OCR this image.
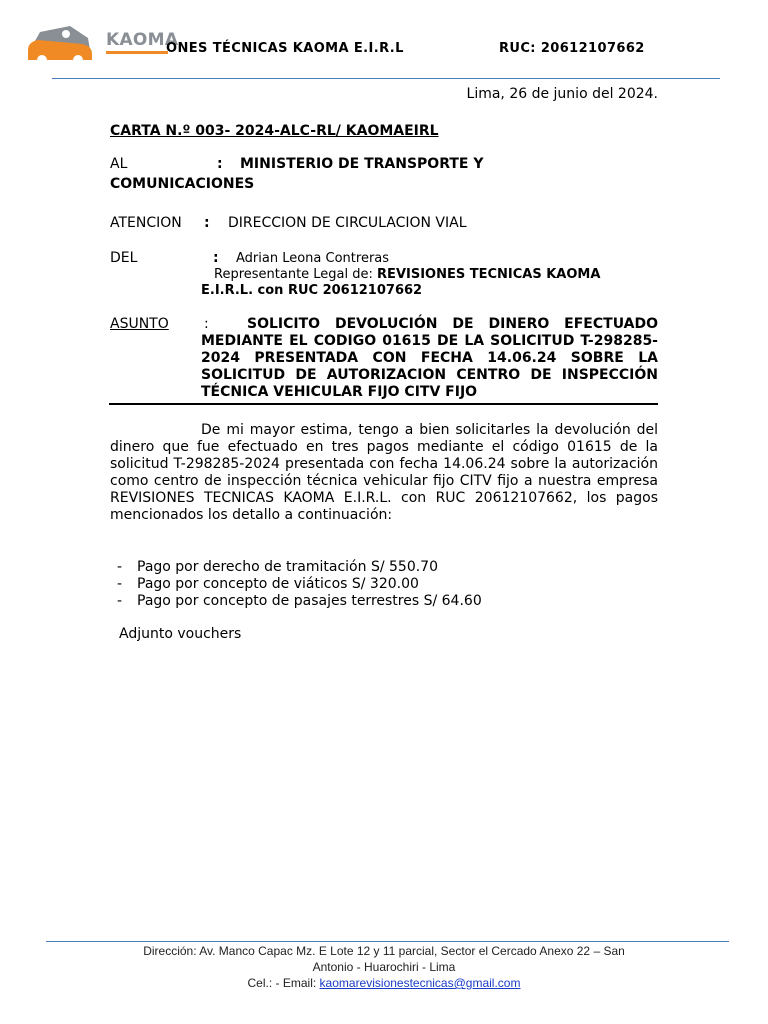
KAOMA
ONES TÉCNICAS KAOMA E.I.R.L	RUC: 20612107662
Lima, 26 de junio del 2024.
CARTA N.º 003- 2024-ALC-RL/ KAOMAEIRL
AL	: MINISTERIO DE TRANSPORTE Y
COMUNICACIONES
ATENCION : DIRECCION DE CIRCULACION VIAL
DEL	: Adrian Leona Contreras
Representante Legal de: REVISIONES TECNICAS KAOMA
E.I.R.L. con RUC 20612107662
ASUNTO	:	SOLICITO DEVOLUCIÓN DE DINERO EFECTUADO MEDIANTE EL CODIGO 01615 DE LA SOLICITUD T-298285-2024 PRESENTADA CON FECHA 14.06.24 SOBRE LA SOLICITUD DE AUTORIZACION CENTRO DE INSPECCIÓN TÉCNICA VEHICULAR FIJO CITV FIJO
De mi mayor estima, tengo a bien solicitarles la devolución del dinero que fue efectuado en tres pagos mediante el código 01615 de la solicitud T-298285-2024 presentada con fecha 14.06.24 sobre la autorización como centro de inspección técnica vehicular fijo CITV fijo a nuestra empresa REVISIONES TECNICAS KAOMA E.I.R.L. con RUC 20612107662, los pagos mencionados los detallo a continuación:
- Pago por derecho de tramitación S/ 550.70
- Pago por concepto de viáticos S/ 320.00
- Pago por concepto de pasajes terrestres S/ 64.60
Adjunto vouchers
Dirección: Av. Manco Capac Mz. E Lote 12 y 11 parcial, Sector el Cercado Anexo 22 – San
Antonio - Huarochiri - Lima
Cel.: - Email: kaomarevisionestecnicas@gmail.com
